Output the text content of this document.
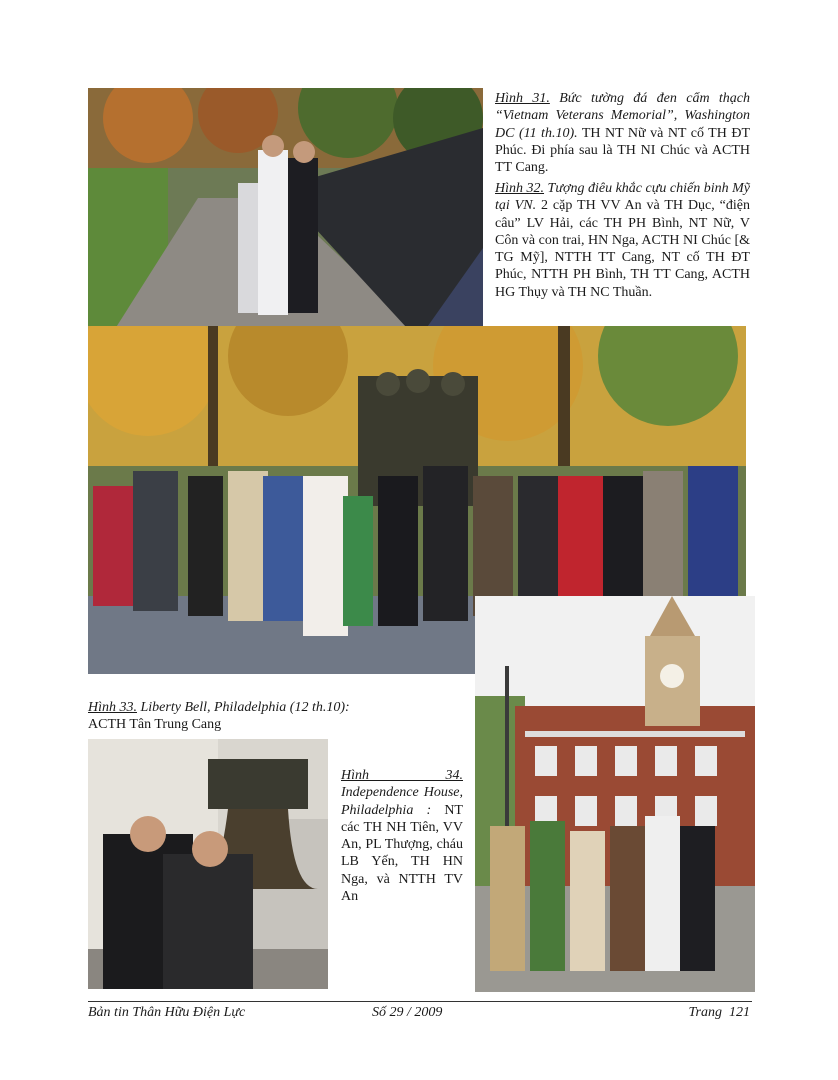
Hình 31. Bức tường đá đen cẩm thạch “Vietnam Veterans Memorial”, Washington DC (11 th.10). TH NT Nữ và NT cố TH ĐT Phúc. Đi phía sau là TH NI Chúc và ACTH TT Cang.
Hình 32. Tượng điêu khắc cựu chiến binh Mỹ tại VN. 2 cặp TH VV An và TH Dục, “điện câu” LV Hải, các TH PH Bình, NT Nữ, V Côn và con trai, HN Nga, ACTH NI Chúc [& TG Mỹ], NTTH TT Cang, NT cố TH ĐT Phúc, NTTH PH Bình, TH TT Cang, ACTH HG Thụy và TH NC Thuần.
Hình 33. Liberty Bell, Philadelphia (12 th.10):
ACTH Tân Trung Cang
Hình 34. Independence House, Philadelphia : NT các TH NH Tiên, VV An, PL Thượng, cháu LB Yến, TH HN Nga, và NTTH TV An
Bản tin Thân Hữu Điện Lực	Số 29 / 2009	Trang  121
